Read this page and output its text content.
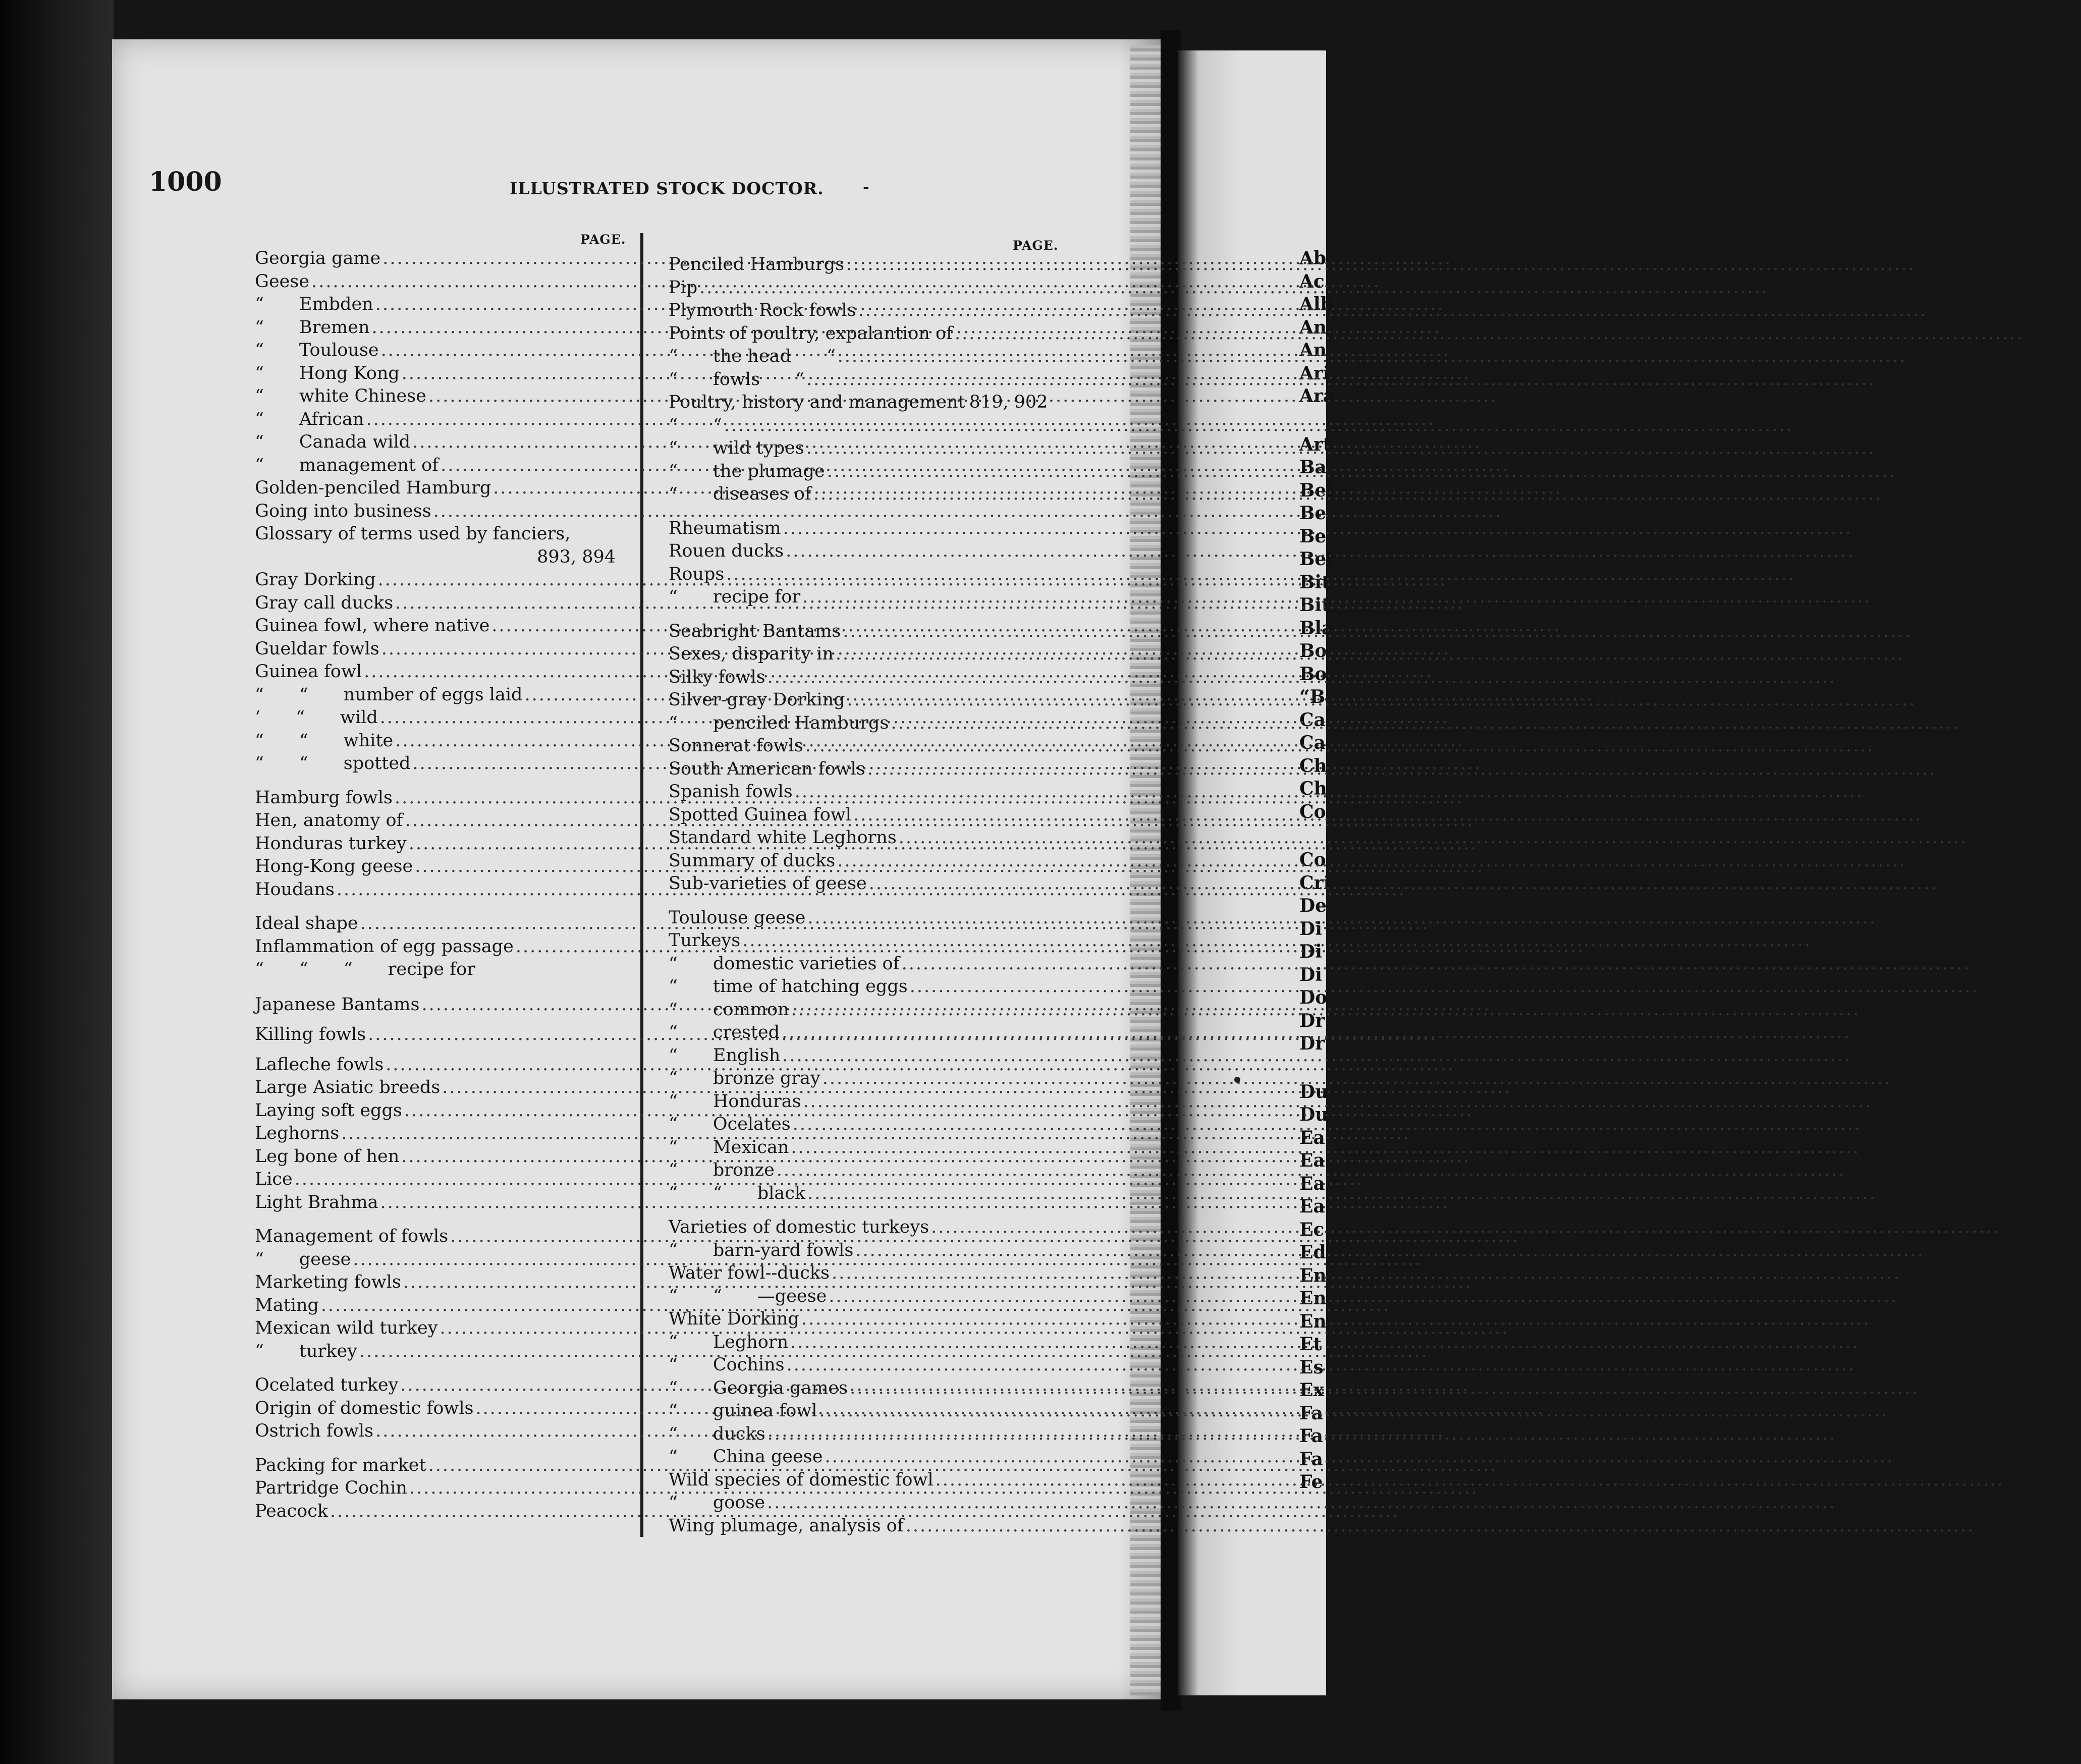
Ab
Ac
Alb
An
An
Ari
Ara
Art
Ba
Bel
Be
Be
Bet
Bit
Bit
Bla
Bo
Bo
“B
Ca
Ca
Ch
Ch
Co
Co
Cri
De
Di
Di
Di
Do
Dr
Dr
Du
Du
Ea
Ea
Ea
Ea
Ec
Ed
En
En
En
Et
Es
Ex
Fa
Fa
Fa
Fe
1000	ILLUSTRATED STOCK DOCTOR.	-
PAGE.	PAGE.
Georgia game .....	855
Geese .....	886, 892
“  Embden .....	886
“  Bremen .....	886
“  Toulouse .....	887
“  Hong Kong .....	888
“  white Chinese .....	890
“  African .....	891
“  Canada wild .....	891
“  management of .....	892
Golden-penciled Hamburg .....	834
Going into business .....	866
Glossary of terms used by fanciers,
893, 894
Gray Dorking .....	823
Gray call ducks .....	881
Guinea fowl, where native .....	822
Gueldar fowls .....	849
Guinea fowl .....	876, 877
“  “  number of eggs laid .....	876
‘  “  wild .....	876
“  “  white .....	877
“  “  spotted .....	877
Hamburg fowls .....	832
Hen, anatomy of .....	898
Honduras turkey .....	874
Hong-Kong geese .....	888
Houdans .....	838
Ideal shape .....	863
Inflammation of egg passage .....	899
“  “  “  recipe for	899
Japanese Bantams .....	856
Killing fowls .....	868
Lafleche fowls .....	839
Large Asiatic breeds .....	841, 848
Laying soft eggs .....	901
Leghorns .....	834
Leg bone of hen .....	898
Lice .....	902
Light Brahma .....	848
Management of fowls .....	866, 870
“  geese .....	872
Marketing fowls .....	869
Mating .....	865
Mexican wild turkey .....	820
“  turkey .....	875
Ocelated turkey .....	874
Origin of domestic fowls .....	819, 826
Ostrich fowls .....	832
Packing for market .....	869
Partridge Cochin .....	845
Peacock .....	877
Penciled Hamburgs .....	833
Pip .....	901
Plymouth Rock fowls .....	831
Points of poultry, expalantion of .....	801
“  the head  “ .....	859, 860
“  fowls  “ .....	860, 863
Poultry, history and management 819, 902
“  “ .....	819, 826
“  wild types .....	822, 826
“  the plumage .....	861, 862
“  diseases of .....	897, 902
Rheumatism .....	901
Rouen ducks .....	878, 879
Roups .....	899
“  recipe for .....	899
Seabright Bantams .....	855
Sexes, disparity in .....	864
Silky fowls .....	843
Silver-gray Dorking .....	828
“  penciled Hamburgs .....	833
Sonnerat fowls .....	824
South American fowls .....	825
Spanish fowls .....	836, 837
Spotted Guinea fowl .....	877
Standard white Leghorns .....	837
Summary of ducks .....	883, 885
Sub-varieties of geese .....	822
Toulouse geese .....	887
Turkeys .....	87 , 876
“  domestic varieties of .....	872, 873
“  time of hatching eggs .....	872
“  common .....	873
“  crested .....	872
“  English .....	873
“  bronze gray .....	873
“  Honduras .....	874
“  Ocelates .....	874
“  Mexican .....	875
“  bronze .....	875
“  “  black .....	875
Varieties of domestic turkeys .....	872, 873
“  barn-yard fowls .....	827, 857
Water fowl--ducks .....	875, 878
“  “  —geese .....	886, 892
White Dorking .....	827
“  Leghorn .....	834
“  Cochins .....	845
“  Georgia games .....	854
“  guinea fowl .....	877
“  ducks .....	881
“  China geese .....	890
Wild species of domestic fowl .....	824
“  goose .....	891
Wing plumage, analysis of .....	860, 862
